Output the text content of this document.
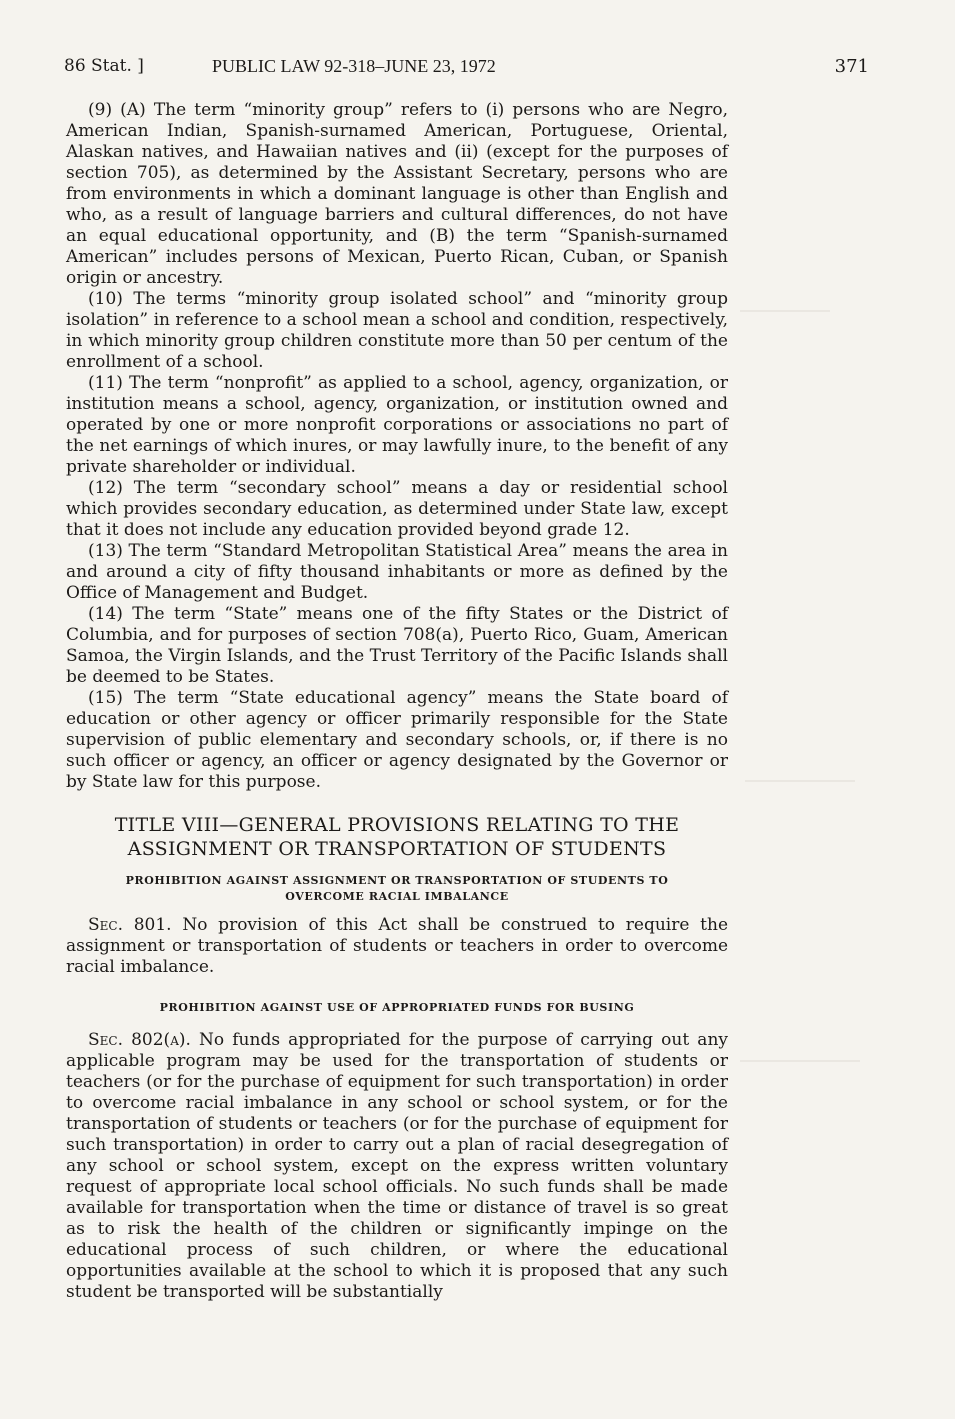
86 Stat. ]	PUBLIC LAW 92-318–JUNE 23, 1972	371

(9) (A) The term “minority group” refers to (i) persons who are Negro, American Indian, Spanish-surnamed American, Portuguese, Oriental, Alaskan natives, and Hawaiian natives and (ii) (except for the purposes of section 705), as determined by the Assistant Secretary, persons who are from environments in which a dominant language is other than English and who, as a result of language barriers and cultural differences, do not have an equal educational opportunity, and (B) the term “Spanish-surnamed American” includes persons of Mexican, Puerto Rican, Cuban, or Spanish origin or ancestry.

(10) The terms “minority group isolated school” and “minority group isolation” in reference to a school mean a school and condition, respectively, in which minority group children constitute more than 50 per centum of the enrollment of a school.

(11) The term “nonprofit” as applied to a school, agency, organization, or institution means a school, agency, organization, or institution owned and operated by one or more nonprofit corporations or associations no part of the net earnings of which inures, or may lawfully inure, to the benefit of any private shareholder or individual.

(12) The term “secondary school” means a day or residential school which provides secondary education, as determined under State law, except that it does not include any education provided beyond grade 12.

(13) The term “Standard Metropolitan Statistical Area” means the area in and around a city of fifty thousand inhabitants or more as defined by the Office of Management and Budget.

(14) The term “State” means one of the fifty States or the District of Columbia, and for purposes of section 708(a), Puerto Rico, Guam, American Samoa, the Virgin Islands, and the Trust Territory of the Pacific Islands shall be deemed to be States.

(15) The term “State educational agency” means the State board of education or other agency or officer primarily responsible for the State supervision of public elementary and secondary schools, or, if there is no such officer or agency, an officer or agency designated by the Governor or by State law for this purpose.

TITLE VIII—GENERAL PROVISIONS RELATING TO THE
ASSIGNMENT OR TRANSPORTATION OF STUDENTS
PROHIBITION AGAINST ASSIGNMENT OR TRANSPORTATION OF STUDENTS TO
OVERCOME RACIAL IMBALANCE

Sec. 801. No provision of this Act shall be construed to require the assignment or transportation of students or teachers in order to overcome racial imbalance.

PROHIBITION AGAINST USE OF APPROPRIATED FUNDS FOR BUSING

Sec. 802(a). No funds appropriated for the purpose of carrying out any applicable program may be used for the transportation of students or teachers (or for the purchase of equipment for such transportation) in order to overcome racial imbalance in any school or school system, or for the transportation of students or teachers (or for the purchase of equipment for such transportation) in order to carry out a plan of racial desegregation of any school or school system, except on the express written voluntary request of appropriate local school officials. No such funds shall be made available for transportation when the time or distance of travel is so great as to risk the health of the children or significantly impinge on the educational process of such children, or where the educational opportunities available at the school to which it is proposed that any such student be transported will be substantially
